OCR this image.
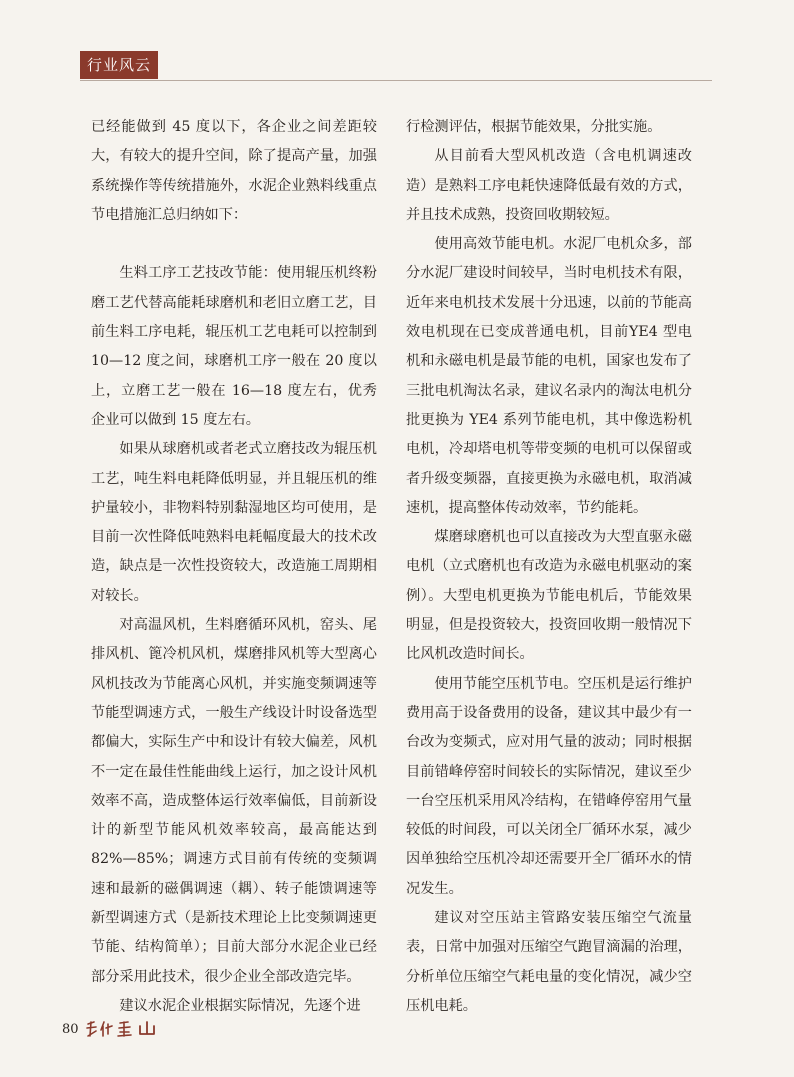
行业风云

已经能做到 45 度以下，各企业之间差距较大，有较大的提升空间，除了提高产量，加强系统操作等传统措施外，水泥企业熟料线重点节电措施汇总归纳如下：

生料工序工艺技改节能：使用辊压机终粉磨工艺代替高能耗球磨机和老旧立磨工艺，目前生料工序电耗，辊压机工艺电耗可以控制到 10—12 度之间，球磨机工序一般在 20 度以上，立磨工艺一般在 16—18 度左右，优秀企业可以做到 15 度左右。

如果从球磨机或者老式立磨技改为辊压机工艺，吨生料电耗降低明显，并且辊压机的维护量较小，非物料特别黏湿地区均可使用，是目前一次性降低吨熟料电耗幅度最大的技术改造，缺点是一次性投资较大，改造施工周期相对较长。

对高温风机，生料磨循环风机，窑头、尾排风机、篦冷机风机，煤磨排风机等大型离心风机技改为节能离心风机，并实施变频调速等节能型调速方式，一般生产线设计时设备选型都偏大，实际生产中和设计有较大偏差，风机不一定在最佳性能曲线上运行，加之设计风机效率不高，造成整体运行效率偏低，目前新设计的新型节能风机效率较高，最高能达到 82%—85%；调速方式目前有传统的变频调速和最新的磁偶调速（耦）、转子能馈调速等新型调速方式（是新技术理论上比变频调速更节能、结构简单）；目前大部分水泥企业已经部分采用此技术，很少企业全部改造完毕。

建议水泥企业根据实际情况，先逐个进

行检测评估，根据节能效果，分批实施。

从目前看大型风机改造（含电机调速改造）是熟料工序电耗快速降低最有效的方式，并且技术成熟，投资回收期较短。

使用高效节能电机。水泥厂电机众多，部分水泥厂建设时间较早，当时电机技术有限，近年来电机技术发展十分迅速，以前的节能高效电机现在已变成普通电机，目前YE4 型电机和永磁电机是最节能的电机，国家也发布了三批电机淘汰名录，建议名录内的淘汰电机分批更换为 YE4 系列节能电机，其中像选粉机电机，冷却塔电机等带变频的电机可以保留或者升级变频器，直接更换为永磁电机，取消减速机，提高整体传动效率，节约能耗。

煤磨球磨机也可以直接改为大型直驱永磁电机（立式磨机也有改造为永磁电机驱动的案例）。大型电机更换为节能电机后，节能效果明显，但是投资较大，投资回收期一般情况下比风机改造时间长。

使用节能空压机节电。空压机是运行维护费用高于设备费用的设备，建议其中最少有一台改为变频式，应对用气量的波动；同时根据目前错峰停窑时间较长的实际情况，建议至少一台空压机采用风冷结构，在错峰停窑用气量较低的时间段，可以关闭全厂循环水泵，减少因单独给空压机冷却还需要开全厂循环水的情况发生。

建议对空压站主管路安装压缩空气流量表，日常中加强对压缩空气跑冒滴漏的治理，分析单位压缩空气耗电量的变化情况，减少空压机电耗。

80
